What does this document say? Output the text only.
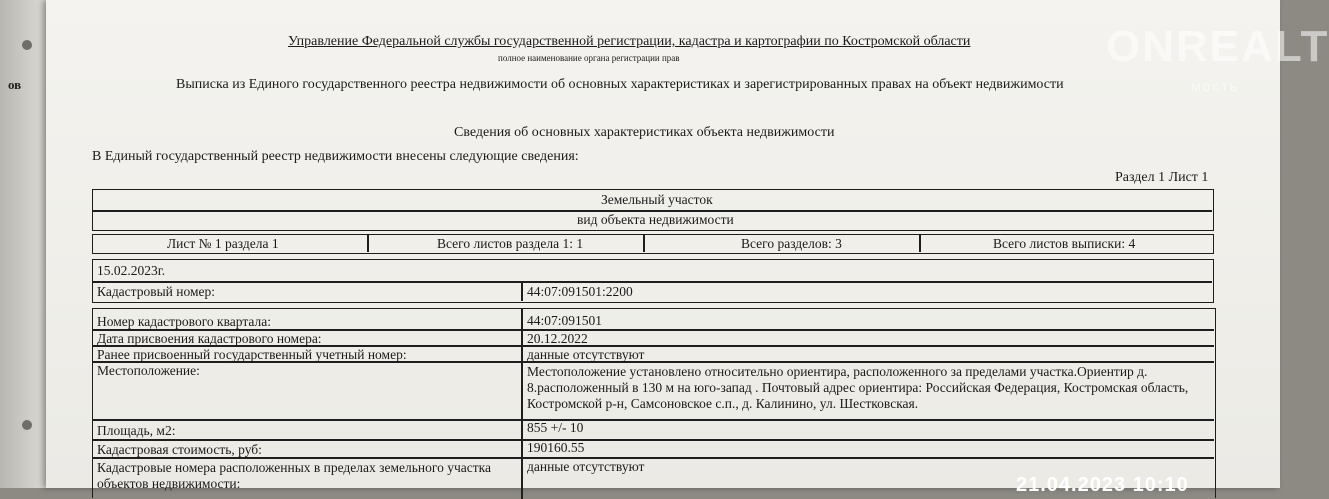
ов
ONREALT
мость
Управление Федеральной службы государственной регистрации, кадастра и картографии по Костромской области
полное наименование органа регистрации прав
Выписка из Единого государственного реестра недвижимости об основных характеристиках и зарегистрированных правах на объект недвижимости
Сведения об основных характеристиках объекта недвижимости
В Единый государственный реестр недвижимости внесены следующие сведения:
Раздел 1 Лист 1
Земельный участок
вид объекта недвижимости
Лист № 1 раздела 1	Всего листов раздела 1: 1	Всего разделов: 3	Всего листов выписки: 4
15.02.2023г.
Кадастровый номер:	44:07:091501:2200
Номер кадастрового квартала:	44:07:091501
Дата присвоения кадастрового номера:	20.12.2022
Ранее присвоенный государственный учетный номер:	данные отсутствуют
Местоположение:	Местоположение установлено относительно ориентира, расположенного за пределами участка.Ориентир д. 8.расположенный в 130 м на юго-запад . Почтовый адрес ориентира: Российская Федерация, Костромская область, Костромской р-н, Самсоновское с.п., д. Калинино, ул. Шестковская.
Площадь, м2:	855 +/- 10
Кадастровая стоимость, руб:	190160.55
Кадастровые номера расположенных в пределах земельного участка объектов недвижимости:
данные отсутствуют
21.04.2023 10:10
